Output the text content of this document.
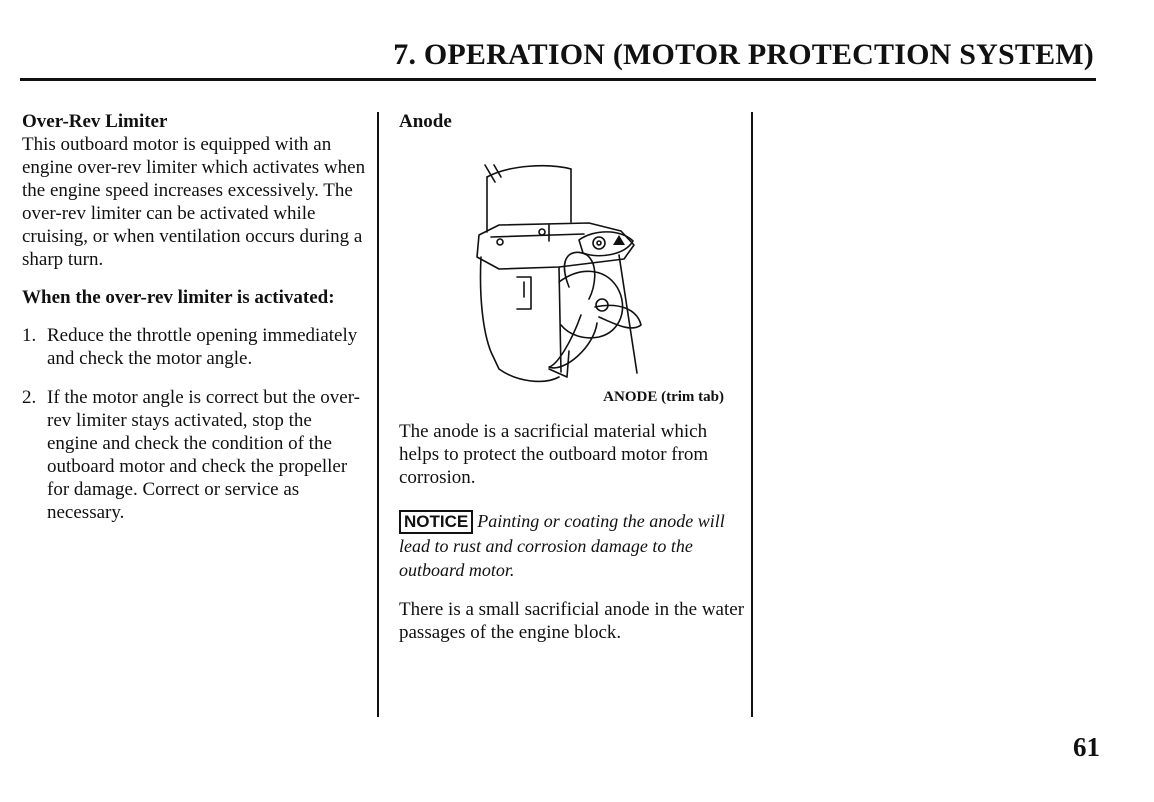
7. OPERATION (MOTOR PROTECTION SYSTEM)
Over-Rev Limiter

This outboard motor is equipped with an engine over-rev limiter which activates when the engine speed increases excessively. The over-rev limiter can be activated while cruising, or when ventilation occurs during a sharp turn.

When the over-rev limiter is activated:
1. Reduce the throttle opening immediately and check the motor angle.
2. If the motor angle is correct but the over-rev limiter stays activated, stop the engine and check the condition of the outboard motor and check the propeller for damage. Correct or service as necessary.
Anode
ANODE (trim tab)

The anode is a sacrificial material which helps to protect the outboard motor from corrosion.

NOTICE Painting or coating the anode will lead to rust and corrosion damage to the outboard motor.

There is a small sacrificial anode in the water passages of the engine block.

61
